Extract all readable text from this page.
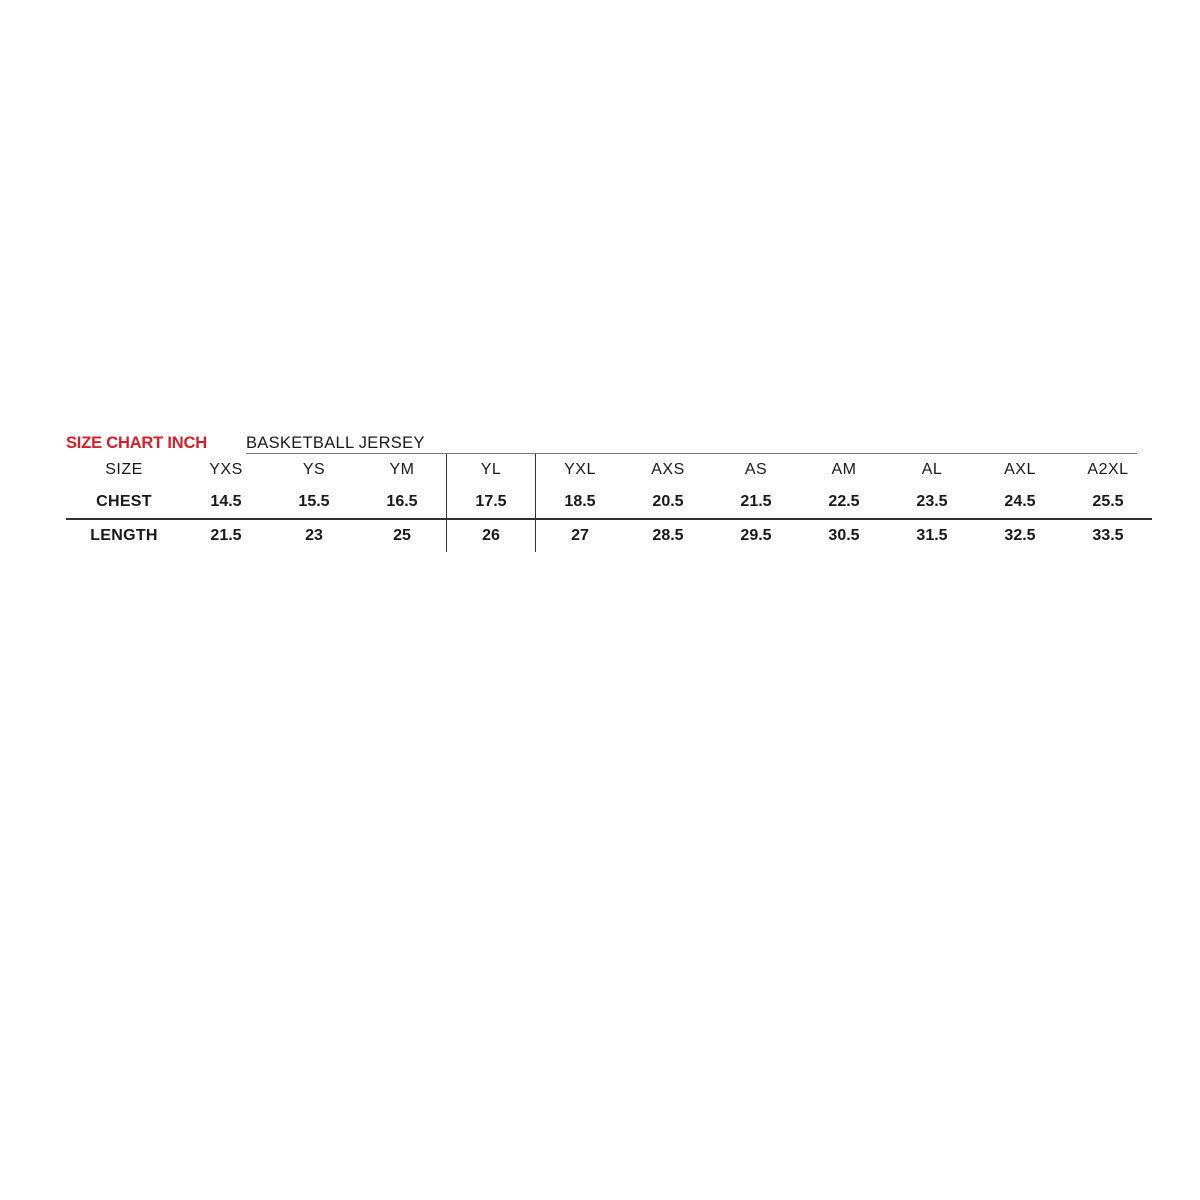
SIZE CHART INCH BASKETBALL JERSEY
SIZE	YXS	YS	YM	YL	YXL	AXS	AS	AM	AL	AXL	A2XL
CHEST	14.5	15.5	16.5	17.5	18.5	20.5	21.5	22.5	23.5	24.5	25.5
LENGTH	21.5	23	25	26	27	28.5	29.5	30.5	31.5	32.5	33.5
